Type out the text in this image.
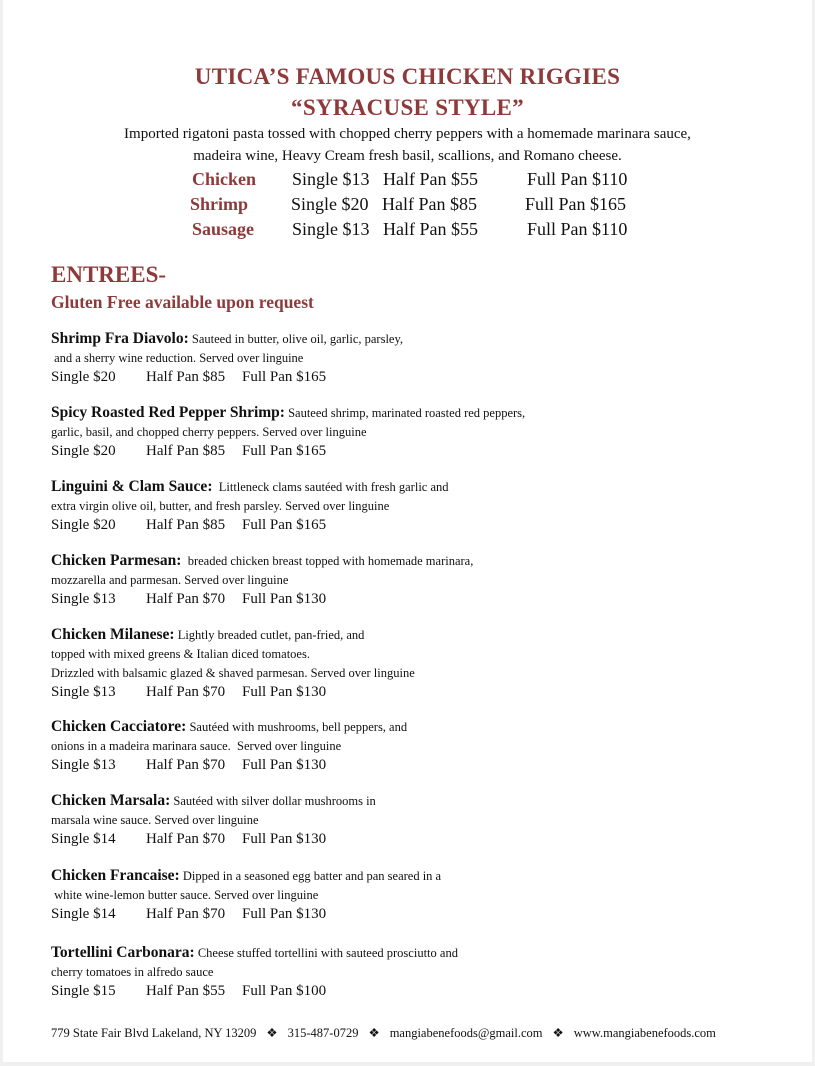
UTICA’S FAMOUS CHICKEN RIGGIES
“SYRACUSE STYLE”
Imported rigatoni pasta tossed with chopped cherry peppers with a homemade marinara sauce,
madeira wine, Heavy Cream fresh basil, scallions, and Romano cheese.
Chicken Single $13 Half Pan $55	Full Pan $110
Shrimp Single $20 Half Pan $85	Full Pan $165
Sausage Single $13 Half Pan $55	Full Pan $110
ENTREES-
Gluten Free available upon request
Shrimp Fra Diavolo: Sauteed in butter, olive oil, garlic, parsley,
and a sherry wine reduction. Served over linguine
Single $20 Half Pan $85 Full Pan $165
Spicy Roasted Red Pepper Shrimp: Sauteed shrimp, marinated roasted red peppers,
garlic, basil, and chopped cherry peppers. Served over linguine
Single $20 Half Pan $85 Full Pan $165
Linguini & Clam Sauce: Littleneck clams sautéed with fresh garlic and
extra virgin olive oil, butter, and fresh parsley. Served over linguine
Single $20 Half Pan $85 Full Pan $165
Chicken Parmesan: breaded chicken breast topped with homemade marinara,
mozzarella and parmesan. Served over linguine
Single $13 Half Pan $70 Full Pan $130
Chicken Milanese: Lightly breaded cutlet, pan-fried, and
topped with mixed greens & Italian diced tomatoes.
Drizzled with balsamic glazed & shaved parmesan. Served over linguine
Single $13 Half Pan $70 Full Pan $130
Chicken Cacciatore: Sautéed with mushrooms, bell peppers, and
onions in a madeira marinara sauce.  Served over linguine
Single $13 Half Pan $70 Full Pan $130
Chicken Marsala: Sautéed with silver dollar mushrooms in
marsala wine sauce. Served over linguine
Single $14 Half Pan $70 Full Pan $130
Chicken Francaise: Dipped in a seasoned egg batter and pan seared in a
white wine-lemon butter sauce. Served over linguine
Single $14 Half Pan $70 Full Pan $130
Tortellini Carbonara: Cheese stuffed tortellini with sauteed prosciutto and
cherry tomatoes in alfredo sauce
Single $15 Half Pan $55 Full Pan $100
779 State Fair Blvd Lakeland, NY 13209 ❖ 315-487-0729 ❖ mangiabenefoods@gmail.com ❖ www.mangiabenefoods.com
